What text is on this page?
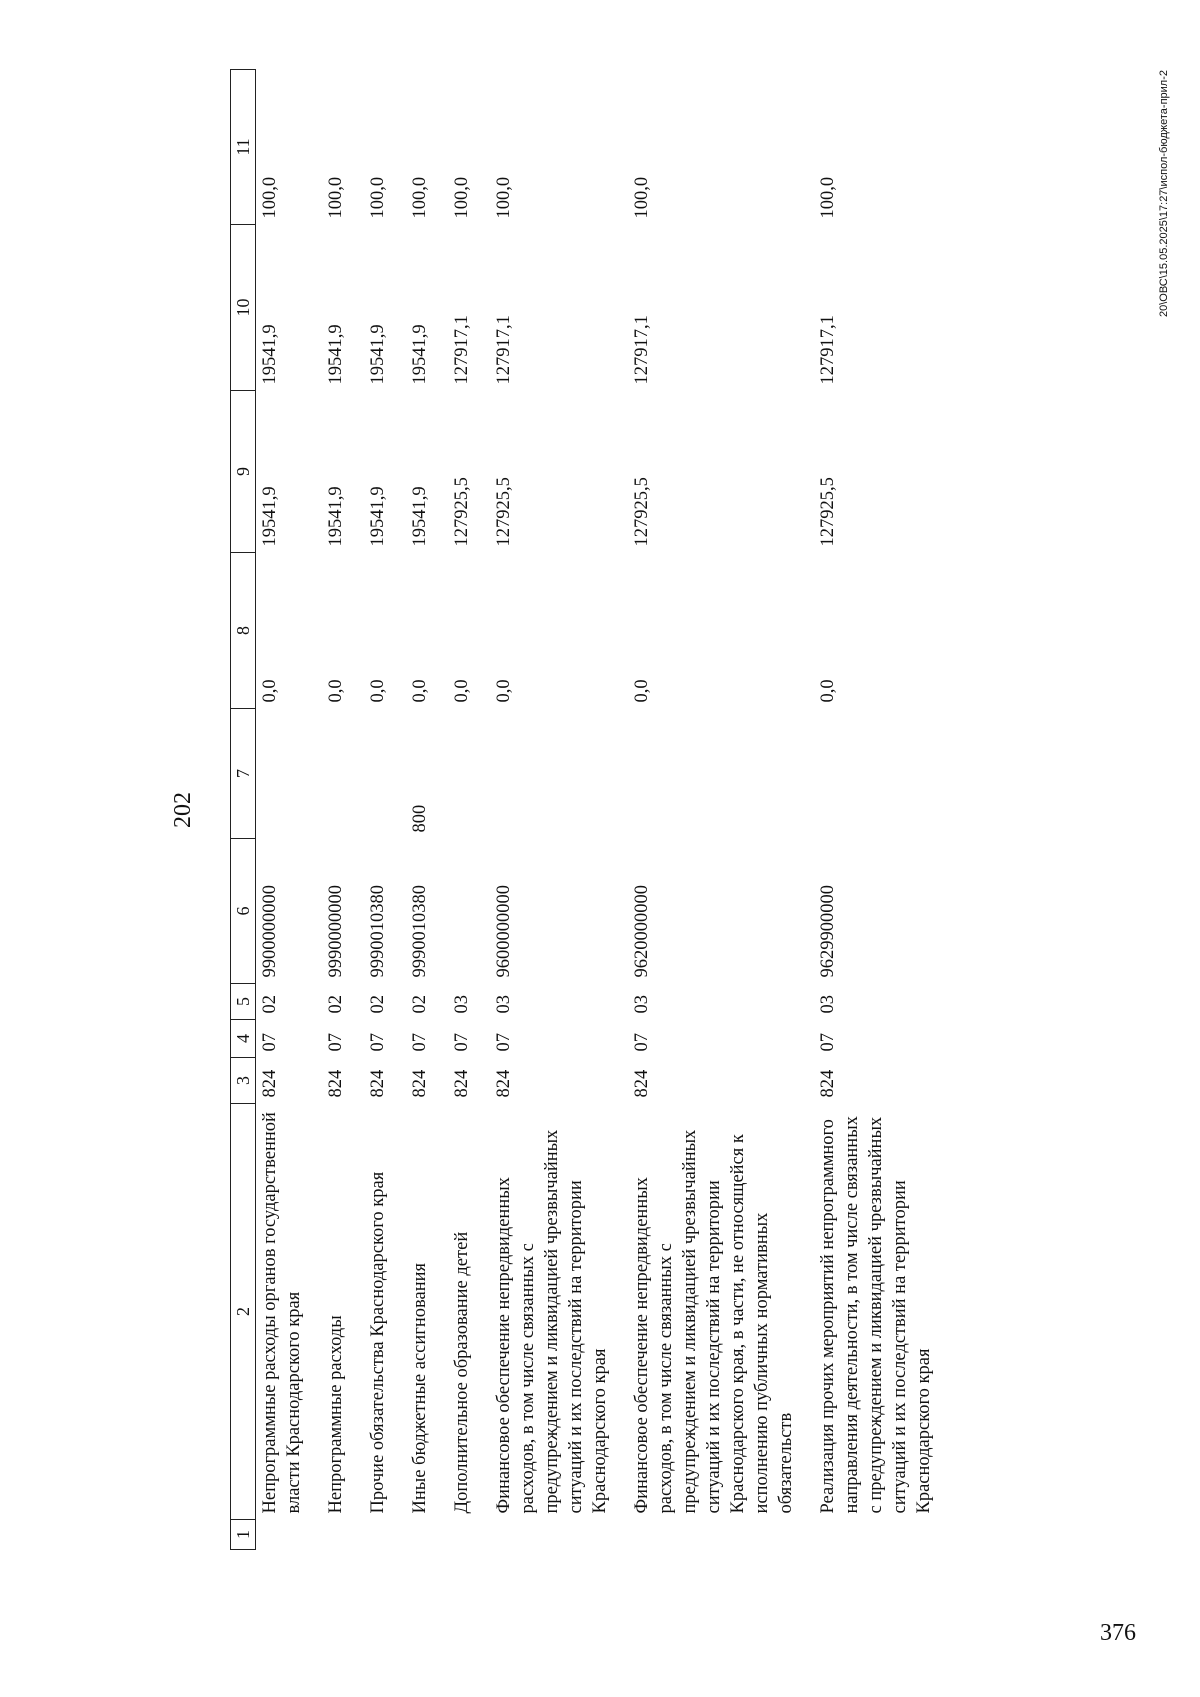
202
1	2	3	4	5	6	7	8	9	10	11
	Непрограммные расходы органов государственной власти Краснодарского края	824	07	02	9900000000		0,0	19541,9	19541,9	100,0
	Непрограммные расходы	824	07	02	9990000000		0,0	19541,9	19541,9	100,0
	Прочие обязательства Краснодарского края	824	07	02	9990010380		0,0	19541,9	19541,9	100,0
	Иные бюджетные ассигнования	824	07	02	9990010380	800	0,0	19541,9	19541,9	100,0
	Дополнительное образование детей	824	07	03			0,0	127925,5	127917,1	100,0
	Финансовое обеспечение непредвиденных расходов, в том числе связанных с предупреждением и ликвидацией чрезвычайных ситуаций и их последствий на территории Краснодарского края	824	07	03	9600000000		0,0	127925,5	127917,1	100,0
	Финансовое обеспечение непредвиденных расходов, в том числе связанных с предупреждением и ликвидацией чрезвычайных ситуаций и их последствий на территории Краснодарского края, в части, не относящейся к исполнению публичных нормативных обязательств	824	07	03	9620000000		0,0	127925,5	127917,1	100,0
	Реализация прочих мероприятий непрограммного направления деятельности, в том числе связанных с предупреждением и ликвидацией чрезвычайных ситуаций и их последствий на территории Краснодарского края	824	07	03	9629900000		0,0	127925,5	127917,1	100,0	20\ОВС\15.05.2025\17:27\испол-бюджета-прил-2
376
